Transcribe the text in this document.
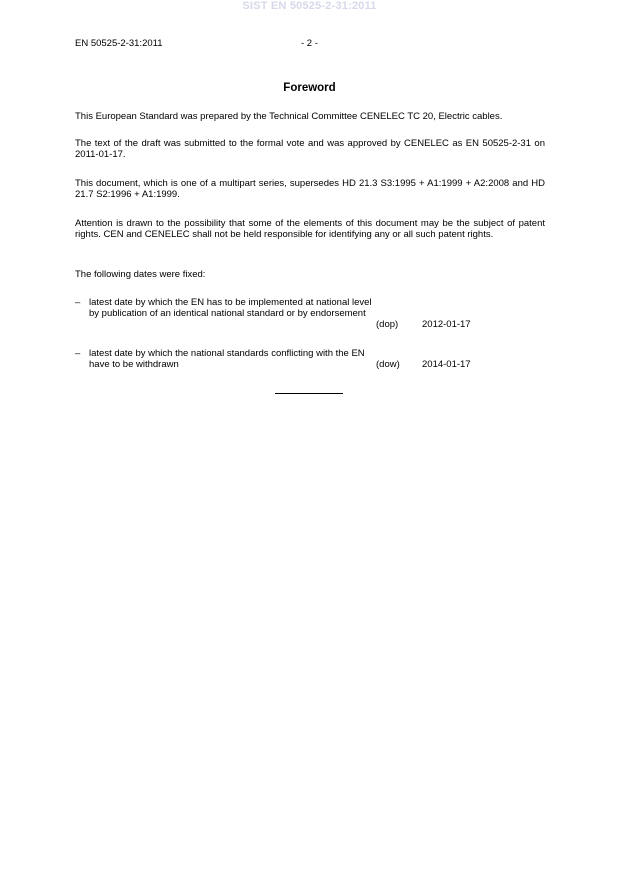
SIST EN 50525-2-31:2011
EN 50525-2-31:2011	- 2 -
Foreword
This European Standard was prepared by the Technical Committee CENELEC TC 20, Electric cables.
The text of the draft was submitted to the formal vote and was approved by CENELEC as EN 50525-2-31 on 2011-01-17.
This document, which is one of a multipart series, supersedes HD 21.3 S3:1995 + A1:1999 + A2:2008 and HD 21.7 S2:1996 + A1:1999.
Attention is drawn to the possibility that some of the elements of this document may be the subject of patent rights. CEN and CENELEC shall not be held responsible for identifying any or all such patent rights.
The following dates were fixed:
– latest date by which the EN has to be implemented at national level by publication of an identical national standard or by endorsement
(dop)	2012-01-17
– latest date by which the national standards conflicting with the EN have to be withdrawn	(dow)	2014-01-17
